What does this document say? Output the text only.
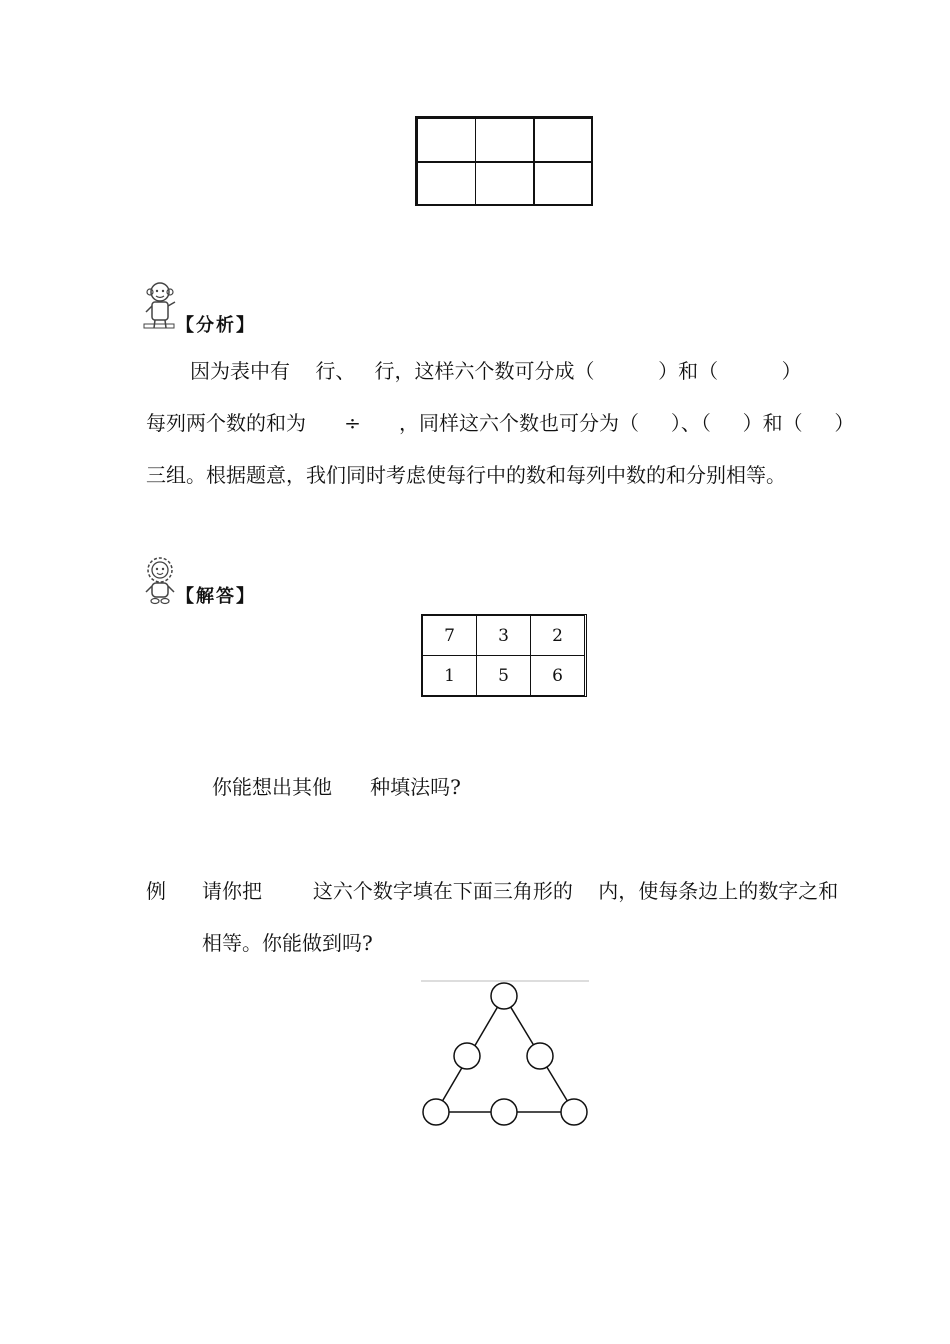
【分析】
因为表中有    行、   行，这样六个数可分成（          ）和（          ）
每列两个数的和为      ÷      ，同样这六个数也可分为（     ）、（     ）和（     ）
三组。根据题意，我们同时考虑使每行中的数和每列中数的和分别相等。
【解答】
7	3	2
1	5	6
你能想出其他      种填法吗?
例 请你把        这六个数字填在下面三角形的    内，使每条边上的数字之和
相等。你能做到吗?
